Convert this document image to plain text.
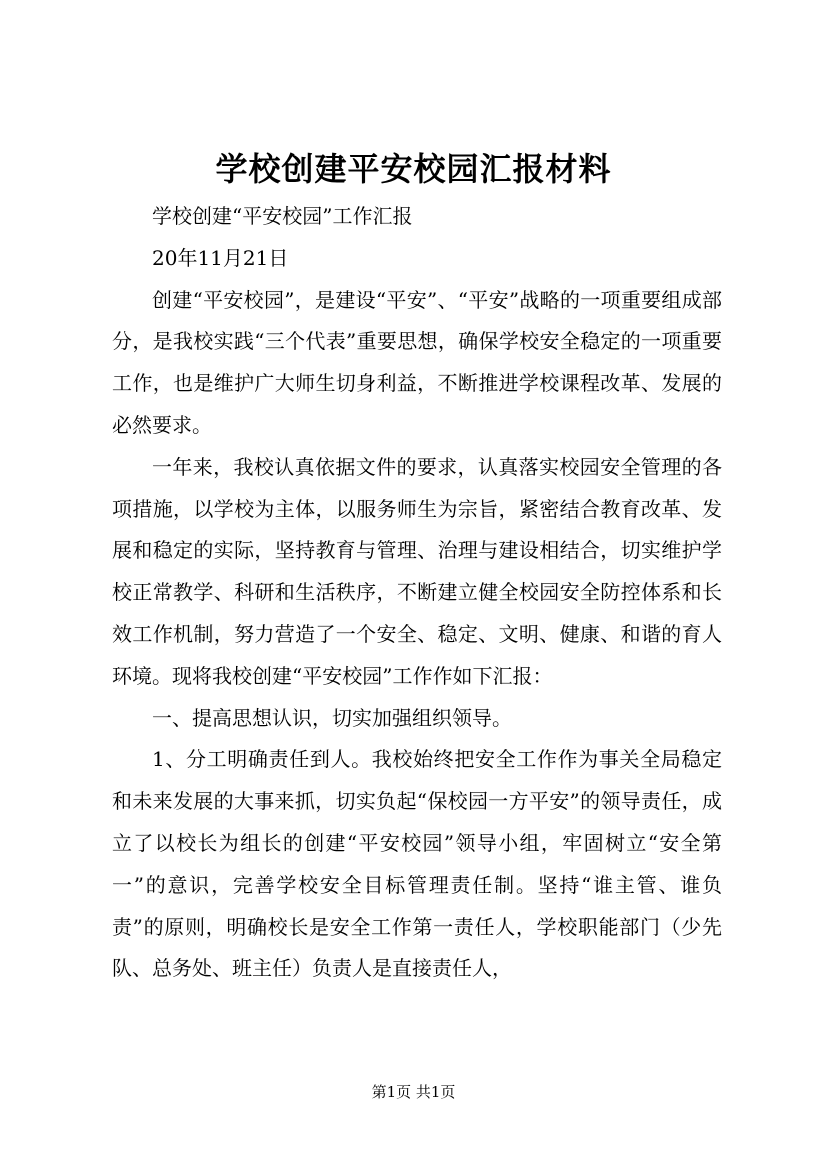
学校创建平安校园汇报材料

学校创建“平安校园”工作汇报

20年11月21日

创建“平安校园”，是建设“平安”、“平安”战略的一项重要组成部分，是我校实践“三个代表”重要思想，确保学校安全稳定的一项重要工作，也是维护广大师生切身利益，不断推进学校课程改革、发展的必然要求。

一年来，我校认真依据文件的要求，认真落实校园安全管理的各项措施，以学校为主体，以服务师生为宗旨，紧密结合教育改革、发展和稳定的实际，坚持教育与管理、治理与建设相结合，切实维护学校正常教学、科研和生活秩序，不断建立健全校园安全防控体系和长效工作机制，努力营造了一个安全、稳定、文明、健康、和谐的育人环境。现将我校创建“平安校园”工作作如下汇报：

一、提高思想认识，切实加强组织领导。

1、分工明确责任到人。我校始终把安全工作作为事关全局稳定和未来发展的大事来抓，切实负起“保校园一方平安”的领导责任，成立了以校长为组长的创建“平安校园”领导小组，牢固树立“安全第一”的意识，完善学校安全目标管理责任制。坚持“谁主管、谁负责”的原则，明确校长是安全工作第一责任人，学校职能部门（少先队、总务处、班主任）负责人是直接责任人，

第1页 共1页
